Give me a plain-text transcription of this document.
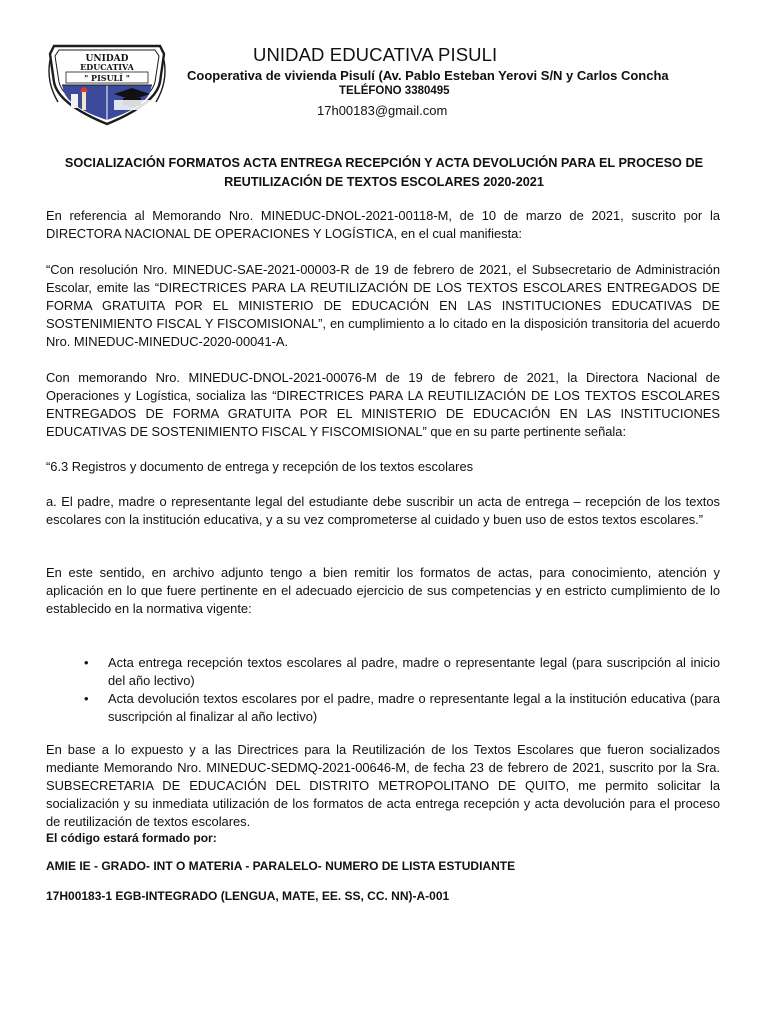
UNIDAD
EDUCATIVA
" PISULÍ "
UNIDAD EDUCATIVA PISULI
Cooperativa de vivienda Pisulí (Av. Pablo Esteban Yerovi S/N y Carlos Concha
TELÉFONO 3380495
17h00183@gmail.com
SOCIALIZACIÓN FORMATOS ACTA ENTREGA RECEPCIÓN Y ACTA DEVOLUCIÓN PARA EL PROCESO DE
REUTILIZACIÓN DE TEXTOS ESCOLARES 2020-2021
En referencia al Memorando Nro. MINEDUC-DNOL-2021-00118-M, de 10 de marzo de 2021, suscrito por la DIRECTORA NACIONAL DE OPERACIONES Y LOGÍSTICA, en el cual manifiesta:
“Con resolución Nro. MINEDUC-SAE-2021-00003-R de 19 de febrero de 2021, el Subsecretario de Administración Escolar, emite las “DIRECTRICES PARA LA REUTILIZACIÓN DE LOS TEXTOS ESCOLARES ENTREGADOS DE FORMA GRATUITA POR EL MINISTERIO DE EDUCACIÓN EN LAS INSTITUCIONES EDUCATIVAS DE SOSTENIMIENTO FISCAL Y FISCOMISIONAL”, en cumplimiento a lo citado en la disposición transitoria del acuerdo Nro. MINEDUC-MINEDUC-2020-00041-A.
Con memorando Nro. MINEDUC-DNOL-2021-00076-M de 19 de febrero de 2021, la Directora Nacional de Operaciones y Logística, socializa las “DIRECTRICES PARA LA REUTILIZACIÓN DE LOS TEXTOS ESCOLARES ENTREGADOS DE FORMA GRATUITA POR EL MINISTERIO DE EDUCACIÓN EN LAS INSTITUCIONES EDUCATIVAS DE SOSTENIMIENTO FISCAL Y FISCOMISIONAL” que en su parte pertinente señala:
“6.3 Registros y documento de entrega y recepción de los textos escolares
a. El padre, madre o representante legal del estudiante debe suscribir un acta de entrega – recepción de los textos escolares con la institución educativa, y a su vez comprometerse al cuidado y buen uso de estos textos escolares.”
En este sentido, en archivo adjunto tengo a bien remitir los formatos de actas, para conocimiento, atención y aplicación en lo que fuere pertinente en el adecuado ejercicio de sus competencias y en estricto cumplimiento de lo establecido en la normativa vigente:
•	Acta entrega recepción textos escolares al padre, madre o representante legal (para suscripción al inicio del año lectivo)
•	Acta devolución textos escolares por el padre, madre o representante legal a la institución educativa (para suscripción al finalizar al año lectivo)
En base a lo expuesto y a las Directrices para la Reutilización de los Textos Escolares que fueron socializados mediante Memorando Nro. MINEDUC-SEDMQ-2021-00646-M, de fecha 23 de febrero de 2021, suscrito por la Sra. SUBSECRETARIA DE EDUCACIÓN DEL DISTRITO METROPOLITANO DE QUITO, me permito solicitar la socialización y su inmediata utilización de los formatos de acta entrega recepción y acta devolución para el proceso de reutilización de textos escolares.
El código estará formado por:
AMIE IE - GRADO- INT O MATERIA - PARALELO- NUMERO DE LISTA ESTUDIANTE
17H00183-1 EGB-INTEGRADO (LENGUA, MATE, EE. SS, CC. NN)-A-001
